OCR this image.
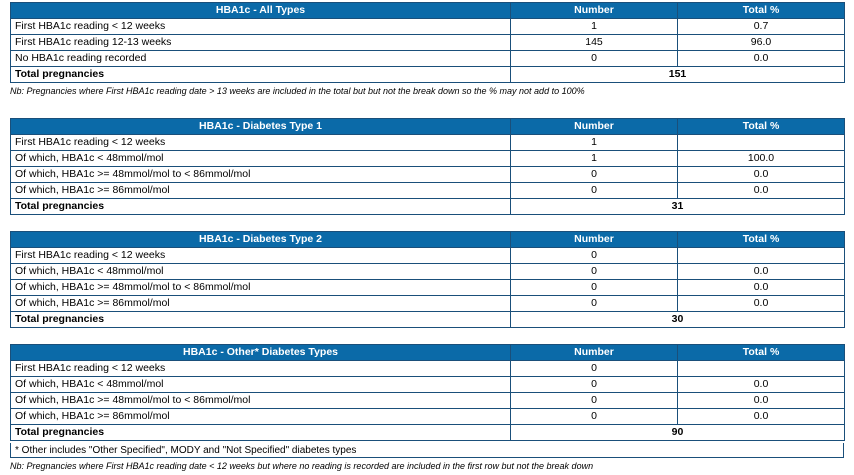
HBA1c - All Types	Number	Total %
First HBA1c reading < 12 weeks	1	0.7
First HBA1c reading 12-13 weeks	145	96.0
No HBA1c reading recorded	0	0.0
Total pregnancies	151	
Nb: Pregnancies where First HBA1c reading date > 13 weeks are included in the total but but not the break down so the % may not add to 100%
HBA1c - Diabetes Type 1	Number	Total %
First HBA1c reading < 12 weeks	1	
Of which, HBA1c < 48mmol/mol	1	100.0
Of which, HBA1c >= 48mmol/mol to < 86mmol/mol	0	0.0
Of which, HBA1c >= 86mmol/mol	0	0.0
Total pregnancies	31	
HBA1c - Diabetes Type 2	Number	Total %
First HBA1c reading < 12 weeks	0	
Of which, HBA1c < 48mmol/mol	0	0.0
Of which, HBA1c >= 48mmol/mol to < 86mmol/mol	0	0.0
Of which, HBA1c >= 86mmol/mol	0	0.0
Total pregnancies	30	
HBA1c - Other* Diabetes Types	Number	Total %
First HBA1c reading < 12 weeks	0	
Of which, HBA1c < 48mmol/mol	0	0.0
Of which, HBA1c >= 48mmol/mol to < 86mmol/mol	0	0.0
Of which, HBA1c >= 86mmol/mol	0	0.0
Total pregnancies	90	
* Other includes "Other Specified", MODY and "Not Specified" diabetes types
Nb: Pregnancies where First HBA1c reading date < 12 weeks but where no reading is recorded are included in the first row but not the break down
